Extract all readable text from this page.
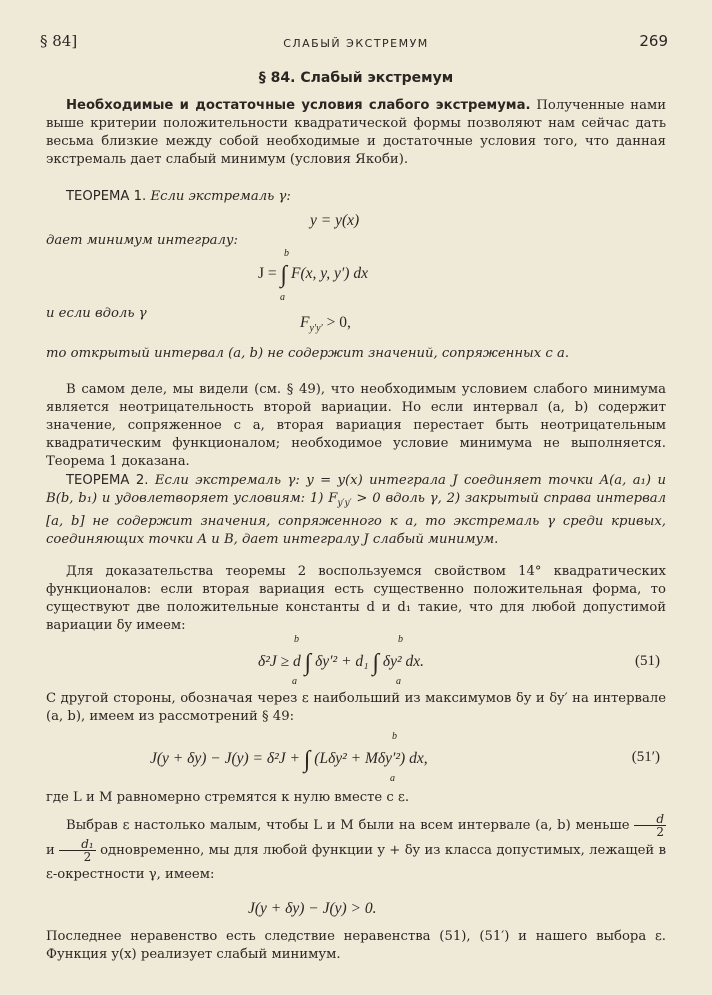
§ 84]	СЛАБЫЙ ЭКСТРЕМУМ	269
§ 84. Слабый экстремум
Необходимые и достаточные условия слабого экстремума. Полученные нами выше критерии положительности квадратической формы позволяют нам сейчас дать весьма близкие между собой необходимые и достаточные условия того, что данная экстремаль дает слабый минимум (условия Якоби).
ТЕОРЕМА 1. Если экстремаль γ:
y = y(x)
дает минимум интегралу:
J = ∫ F(x, y, y′) dx
b
a
и если вдоль γ
$F_{y'y'} > 0$,
то открытый интервал (a, b) не содержит значений, сопряженных с a.
В самом деле, мы видели (см. § 49), что необходимым условием слабого минимума является неотрицательность второй вариации. Но если интервал (a, b) содержит значение, сопряженное с a, вторая вариация перестает быть неотрицательным квадратическим функционалом; необходимое условие минимума не выполняется. Теорема 1 доказана.
ТЕОРЕМА 2. Если экстремаль γ: y = y(x) интеграла J соединяет точки A(a, a₁) и B(b, b₁) и удовлетворяет условиям: 1) $F_{y'y'} > 0$ вдоль γ, 2) закрытый справа интервал [a, b] не содержит значения, сопряженного к a, то экстремаль γ среди кривых, соединяющих точки A и B, дает интегралу J слабый минимум.
Для доказательства теоремы 2 воспользуемся свойством 14° квадратических функционалов: если вторая вариация есть существенно положительная форма, то существуют две положительные константы d и d₁ такие, что для любой допустимой вариации δy имеем:
δ²J ≥ d ∫ δy′² + d₁ ∫ δy² dx.
b
a
b
a
(51)
С другой стороны, обозначая через ε наибольший из максимумов δy и δy′ на интервале (a, b), имеем из рассмотрений § 49:
J(y + δy) − J(y) = δ²J + ∫ (Lδy² + Mδy′²) dx,
b
a
(51′)
где L и M равномерно стремятся к нулю вместе с ε.
Выбрав ε настолько малым, чтобы L и M были на всем интервале (a, b) меньше $\frac{d}{2}$
и $\frac{\text{d₁}}{2}$ одновременно, мы для любой функции y + δy из класса допустимых, лежащей в ε-окрестности γ, имеем:
J(y + δy) − J(y) > 0.
Последнее неравенство есть следствие неравенства (51), (51′) и нашего выбора ε. Функция y(x) реализует слабый минимум.
